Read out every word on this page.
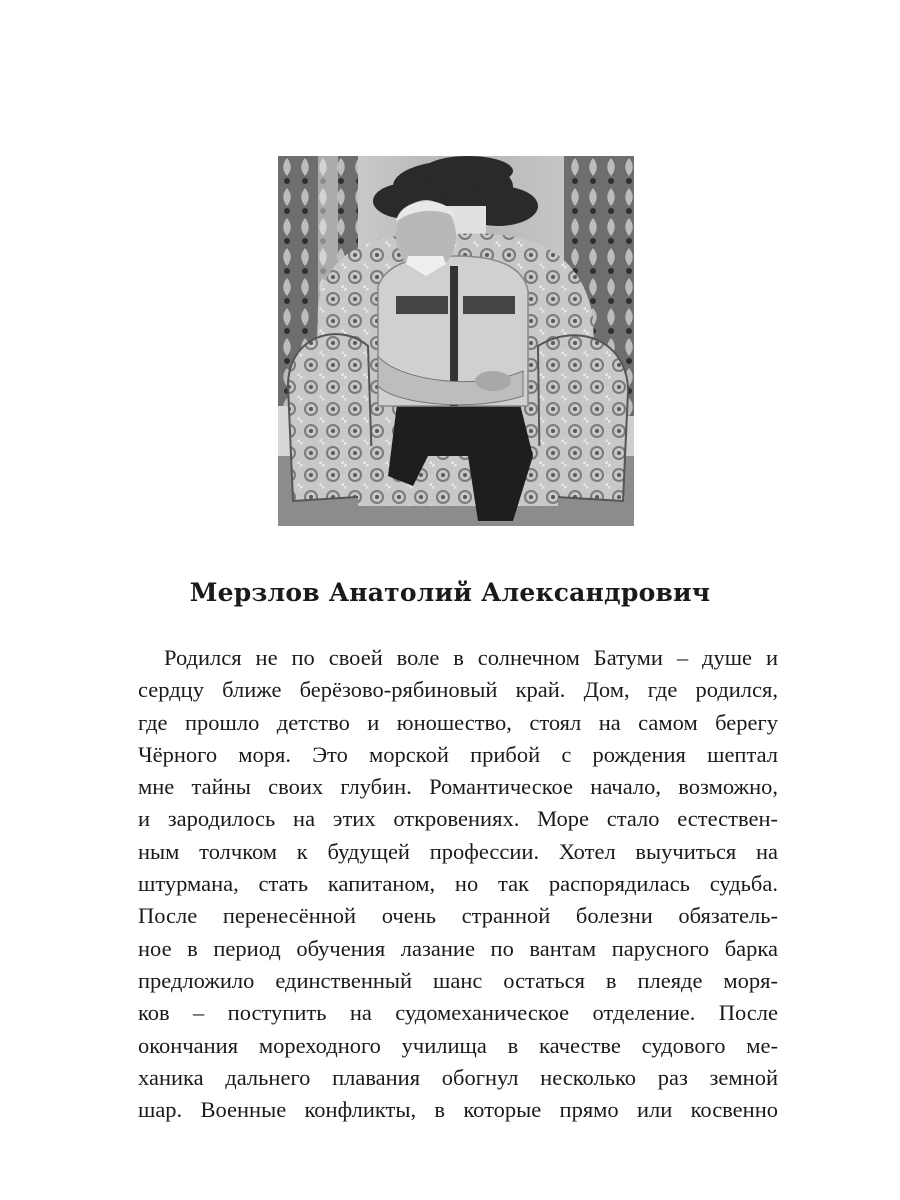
Мерзлов Анатолий Александрович
Родился не по своей воле в солнечном Батуми – душе и
сердцу ближе берёзово-рябиновый край. Дом, где родился,
где прошло детство и юношество, стоял на самом берегу
Чёрного моря. Это морской прибой с рождения шептал
мне тайны своих глубин. Романтическое начало, возможно,
и зародилось на этих откровениях. Море стало естествен-
ным толчком к будущей профессии. Хотел выучиться на
штурмана, стать капитаном, но так распорядилась судьба.
После перенесённой очень странной болезни обязатель-
ное в период обучения лазание по вантам парусного барка
предложило единственный шанс остаться в плеяде моря-
ков – поступить на судомеханическое отделение. После
окончания мореходного училища в качестве судового ме-
ханика дальнего плавания обогнул несколько раз земной
шар. Военные конфликты, в которые прямо или косвенно
